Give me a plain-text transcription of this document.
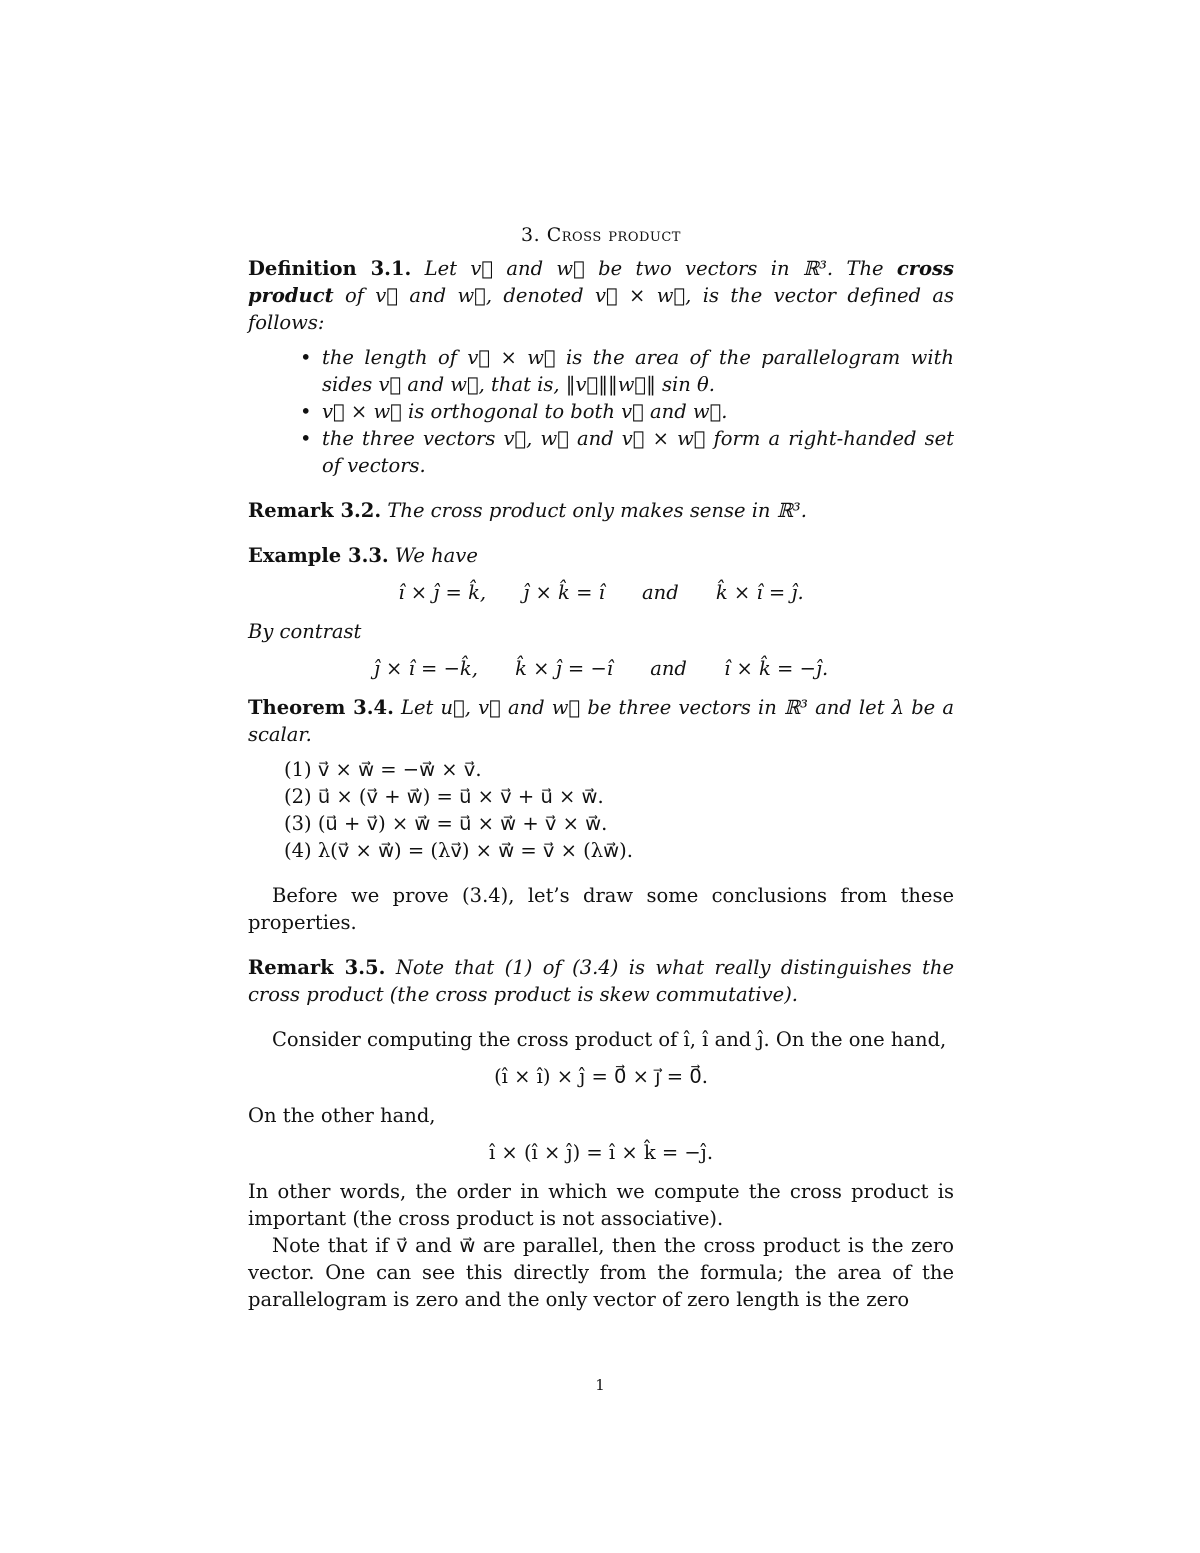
3. Cross product

Definition 3.1. Let v⃗ and w⃗ be two vectors in ℝ³. The cross product of v⃗ and w⃗, denoted v⃗ × w⃗, is the vector defined as follows:

• the length of v⃗ × w⃗ is the area of the parallelogram with sides v⃗ and w⃗, that is, ‖v⃗‖‖w⃗‖ sin θ.
• v⃗ × w⃗ is orthogonal to both v⃗ and w⃗.
• the three vectors v⃗, w⃗ and v⃗ × w⃗ form a right-handed set of vectors.

Remark 3.2. The cross product only makes sense in ℝ³.

Example 3.3. We have

î × ĵ = k̂,      ĵ × k̂ = î      and      k̂ × î = ĵ.

By contrast

ĵ × î = −k̂,      k̂ × ĵ = −î      and      î × k̂ = −ĵ.

Theorem 3.4. Let u⃗, v⃗ and w⃗ be three vectors in ℝ³ and let λ be a scalar.

(1) v⃗ × w⃗ = −w⃗ × v⃗.
(2) u⃗ × (v⃗ + w⃗) = u⃗ × v⃗ + u⃗ × w⃗.
(3) (u⃗ + v⃗) × w⃗ = u⃗ × w⃗ + v⃗ × w⃗.
(4) λ(v⃗ × w⃗) = (λv⃗) × w⃗ = v⃗ × (λw⃗).

Before we prove (3.4), let’s draw some conclusions from these properties.

Remark 3.5. Note that (1) of (3.4) is what really distinguishes the cross product (the cross product is skew commutative).

Consider computing the cross product of î, î and ĵ. On the one hand,

(î × î) × ĵ = 0⃗ × j⃗ = 0⃗.

On the other hand,

î × (î × ĵ) = î × k̂ = −ĵ.

In other words, the order in which we compute the cross product is important (the cross product is not associative).

Note that if v⃗ and w⃗ are parallel, then the cross product is the zero vector. One can see this directly from the formula; the area of the parallelogram is zero and the only vector of zero length is the zero

1
